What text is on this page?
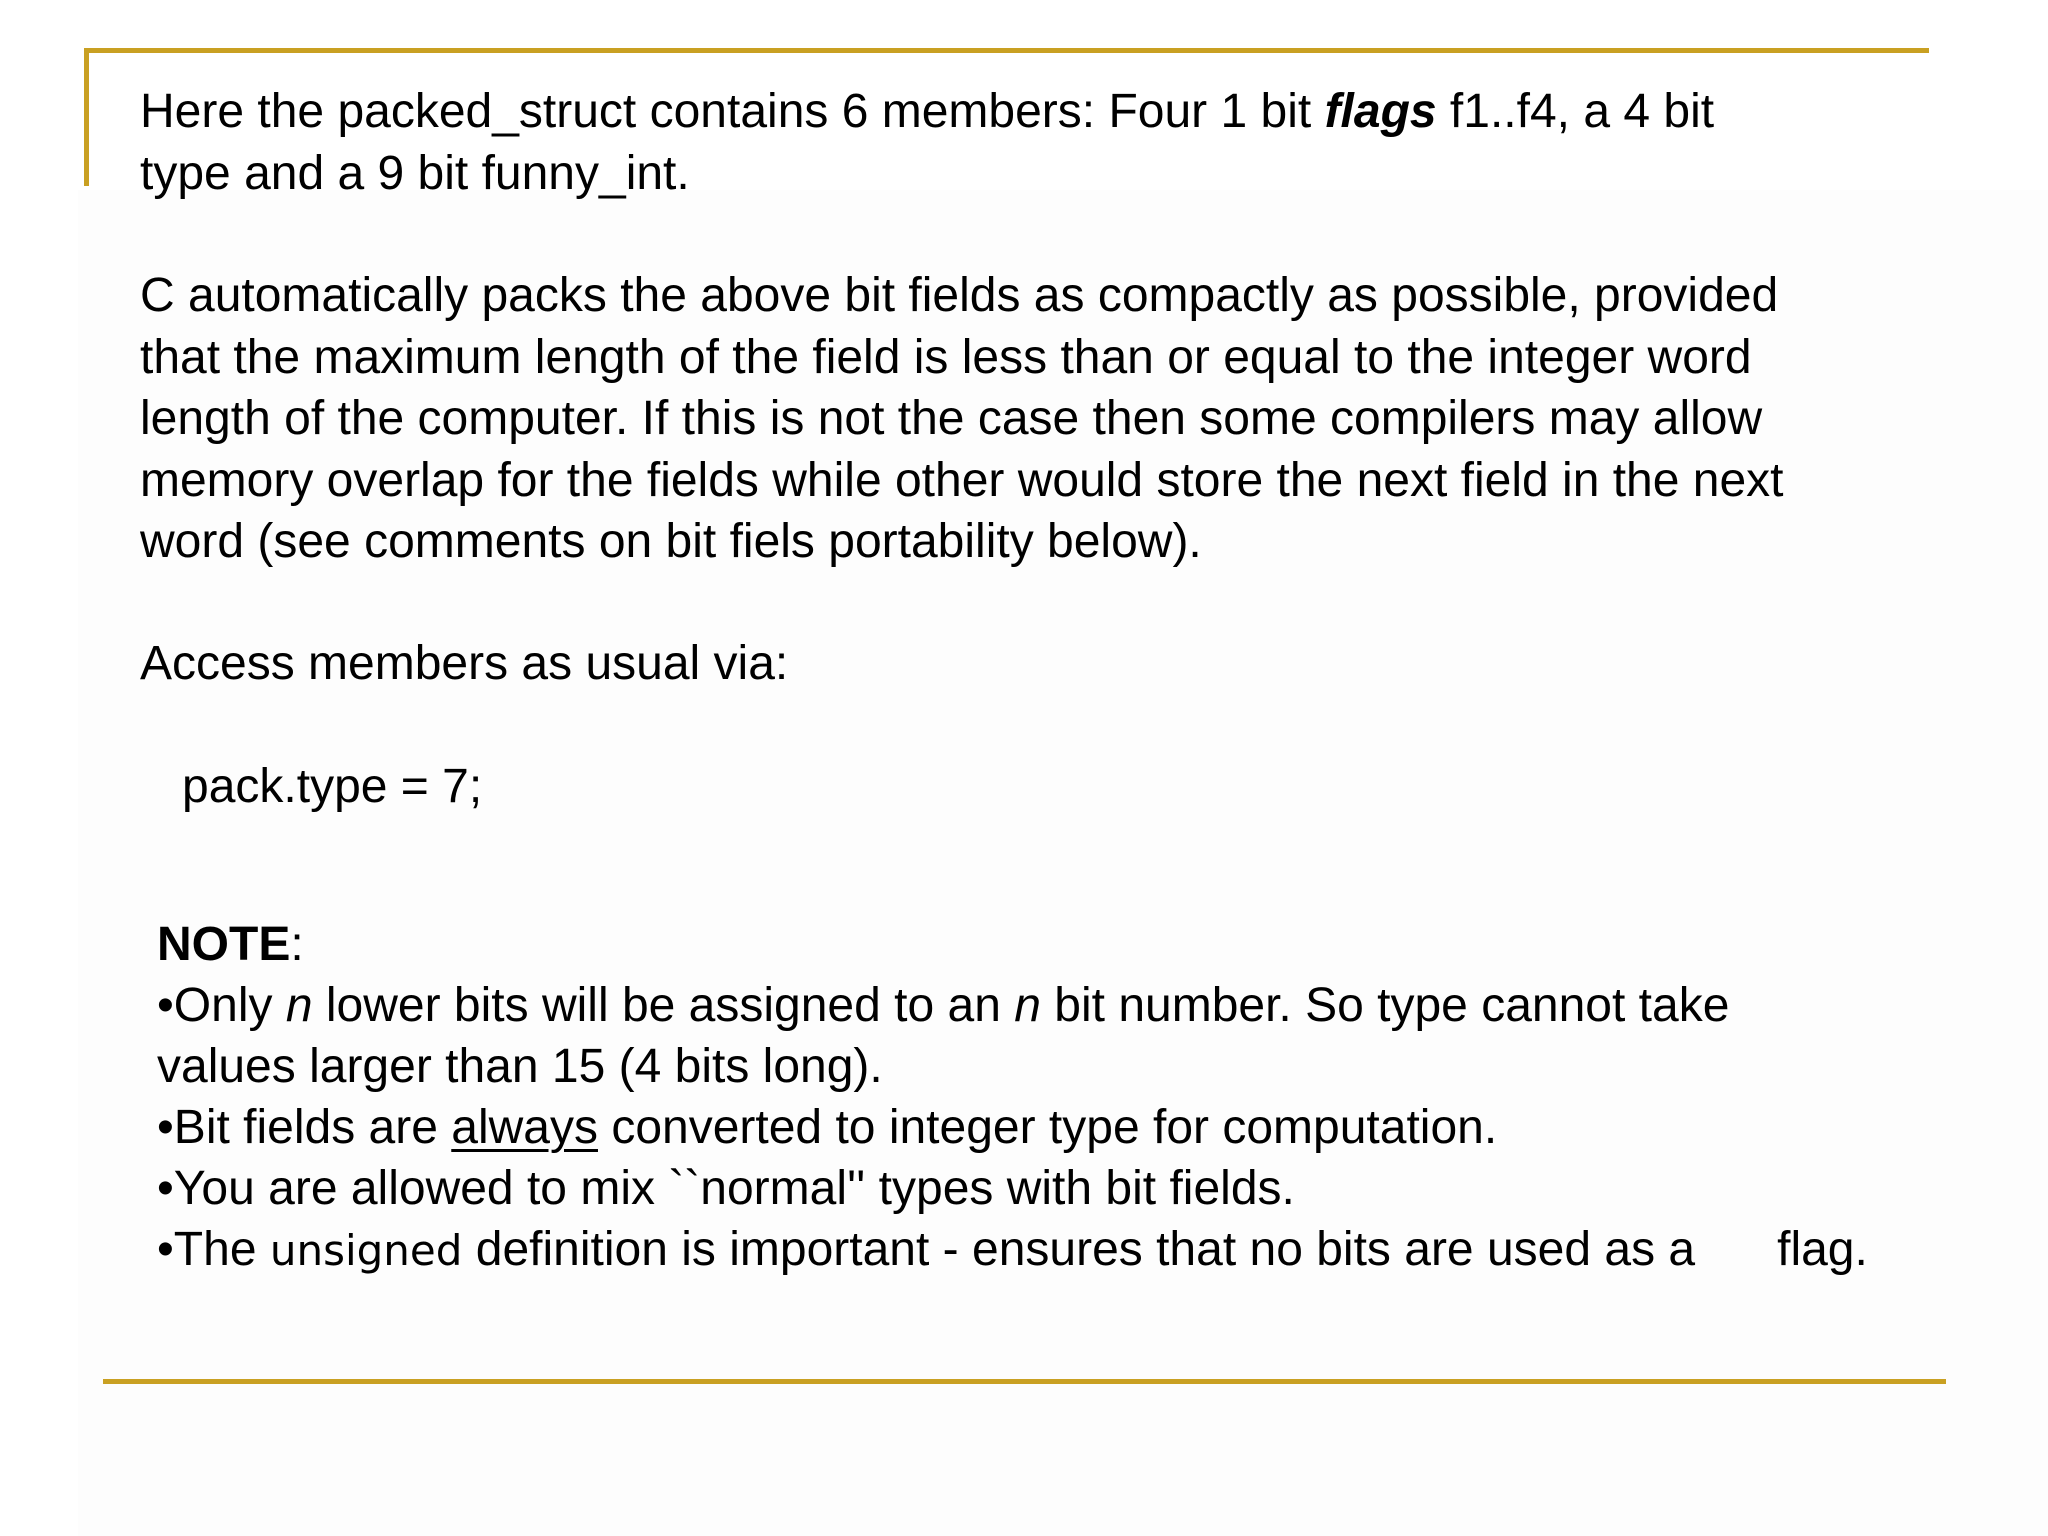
Here the packed_struct contains 6 members: Four 1 bit flags f1..f4, a 4 bit
type and a 9 bit funny_int.

C automatically packs the above bit fields as compactly as possible, provided
that the maximum length of the field is less than or equal to the integer word
length of the computer. If this is not the case then some compilers may allow
memory overlap for the fields while other would store the next field in the next
word (see comments on bit fiels portability below).

Access members as usual via:

pack.type = 7;

NOTE:
•Only n lower bits will be assigned to an n bit number. So type cannot take
values larger than 15 (4 bits long).
•Bit fields are always converted to integer type for computation.
•You are allowed to mix ``normal'' types with bit fields.
•The unsigned definition is important - ensures that no bits are used as a flag.
